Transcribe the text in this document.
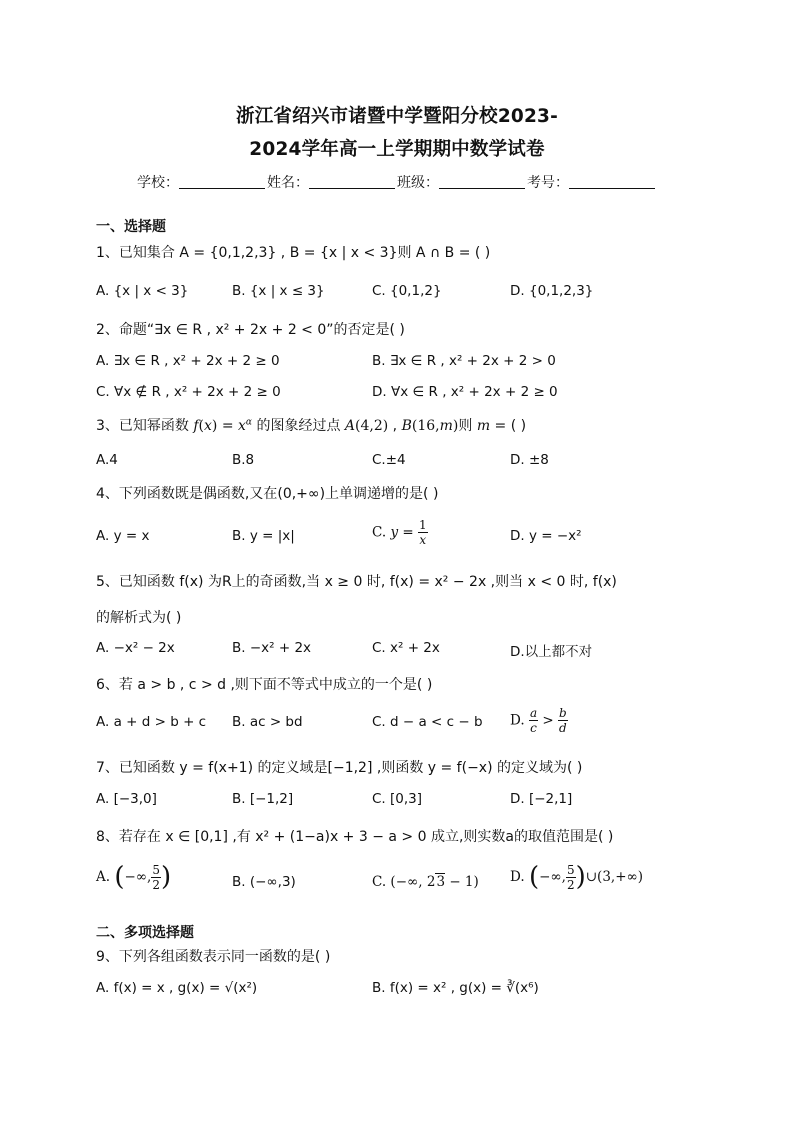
浙江省绍兴市诸暨中学暨阳分校2023-
2024学年高一上学期期中数学试卷
学校：	姓名：	班级：	考号：
一、选择题
1、已知集合 A = {0,1,2,3} , B = {x | x < 3}则 A ∩ B = ( )
A. {x | x < 3}	B. {x | x ≤ 3}	C. {0,1,2}	D. {0,1,2,3}
2、命题“∃x ∈ R , x² + 2x + 2 < 0”的否定是( )
A. ∃x ∈ R , x² + 2x + 2 ≥ 0	B. ∃x ∈ R , x² + 2x + 2 > 0
C. ∀x ∉ R , x² + 2x + 2 ≥ 0	D. ∀x ∈ R , x² + 2x + 2 ≥ 0
3、已知幂函数 $f(x) = x^\alpha$ 的图象经过点 A(4,2) , B(16,m)则 m = ( )
A.4	B.8	C.±4	D. ±8
4、下列函数既是偶函数,又在(0,+∞)上单调递增的是( )
A. y = x	B. y = |x|	C. $y = \frac{1}{x}$	D. y = −x²
5、已知函数 f(x) 为R上的奇函数,当 x ≥ 0 时, f(x) = x² − 2x ,则当 x < 0 时, f(x)
的解析式为( )
A. −x² − 2x	B. −x² + 2x	C. x² + 2x	D.以上都不对
6、若 a > b , c > d ,则下面不等式中成立的一个是( )
A. a + d > b + c B. ac > bd	C. d − a < c − b D. $\frac{a}{c} > \frac{b}{d}$
7、已知函数 y = f(x+1) 的定义域是[−1,2] ,则函数 y = f(−x) 的定义域为( )
A. [−3,0]	B. [−1,2]	C. [0,3]	D. [−2,1]
8、若存在 x ∈ [0,1] ,有 x² + (1−a)x + 3 − a > 0 成立,则实数a的取值范围是( )
A. (−∞, $\frac{5}{2}$ )	B. (−∞,3)	C. (−∞, 23 − 1) D. (−∞, $\frac{5}{2}$ )∪(3,+∞)
二、多项选择题
9、下列各组函数表示同一函数的是( )
A. f(x) = x , g(x) = √(x²)	B. f(x) = x² , g(x) = ∛(x⁶)
